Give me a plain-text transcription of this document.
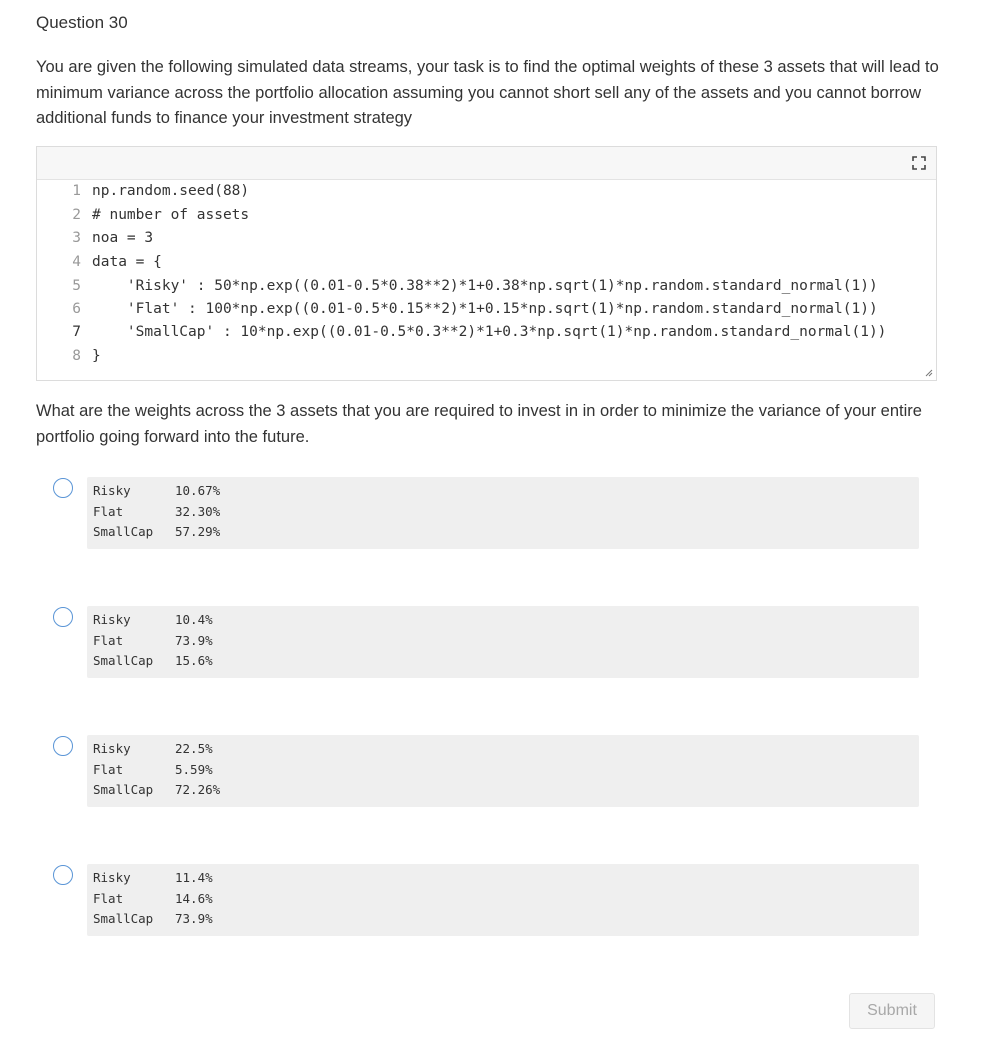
Question 30
You are given the following simulated data streams, your task is to find the optimal weights of these 3 assets that will lead to minimum variance across the portfolio allocation assuming you cannot short sell any of the assets and you cannot borrow additional funds to finance your investment strategy
1 np.random.seed(88)
2 # number of assets
3 noa = 3
4 data = {
5    'Risky' : 50*np.exp((0.01-0.5*0.38**2)*1+0.38*np.sqrt(1)*np.random.standard_normal(1))
6    'Flat' : 100*np.exp((0.01-0.5*0.15**2)*1+0.15*np.sqrt(1)*np.random.standard_normal(1))
7    'SmallCap' : 10*np.exp((0.01-0.5*0.3**2)*1+0.3*np.sqrt(1)*np.random.standard_normal(1))
8 }
What are the weights across the 3 assets that you are required to invest in in order to minimize the variance of your entire portfolio going forward into the future.
Risky	10.67%
Flat	32.30%
SmallCap 57.29%
Risky	10.4%
Flat	73.9%
SmallCap 15.6%
Risky	22.5%
Flat	5.59%
SmallCap 72.26%
Risky	11.4%
Flat	14.6%
SmallCap 73.9%
Submit
